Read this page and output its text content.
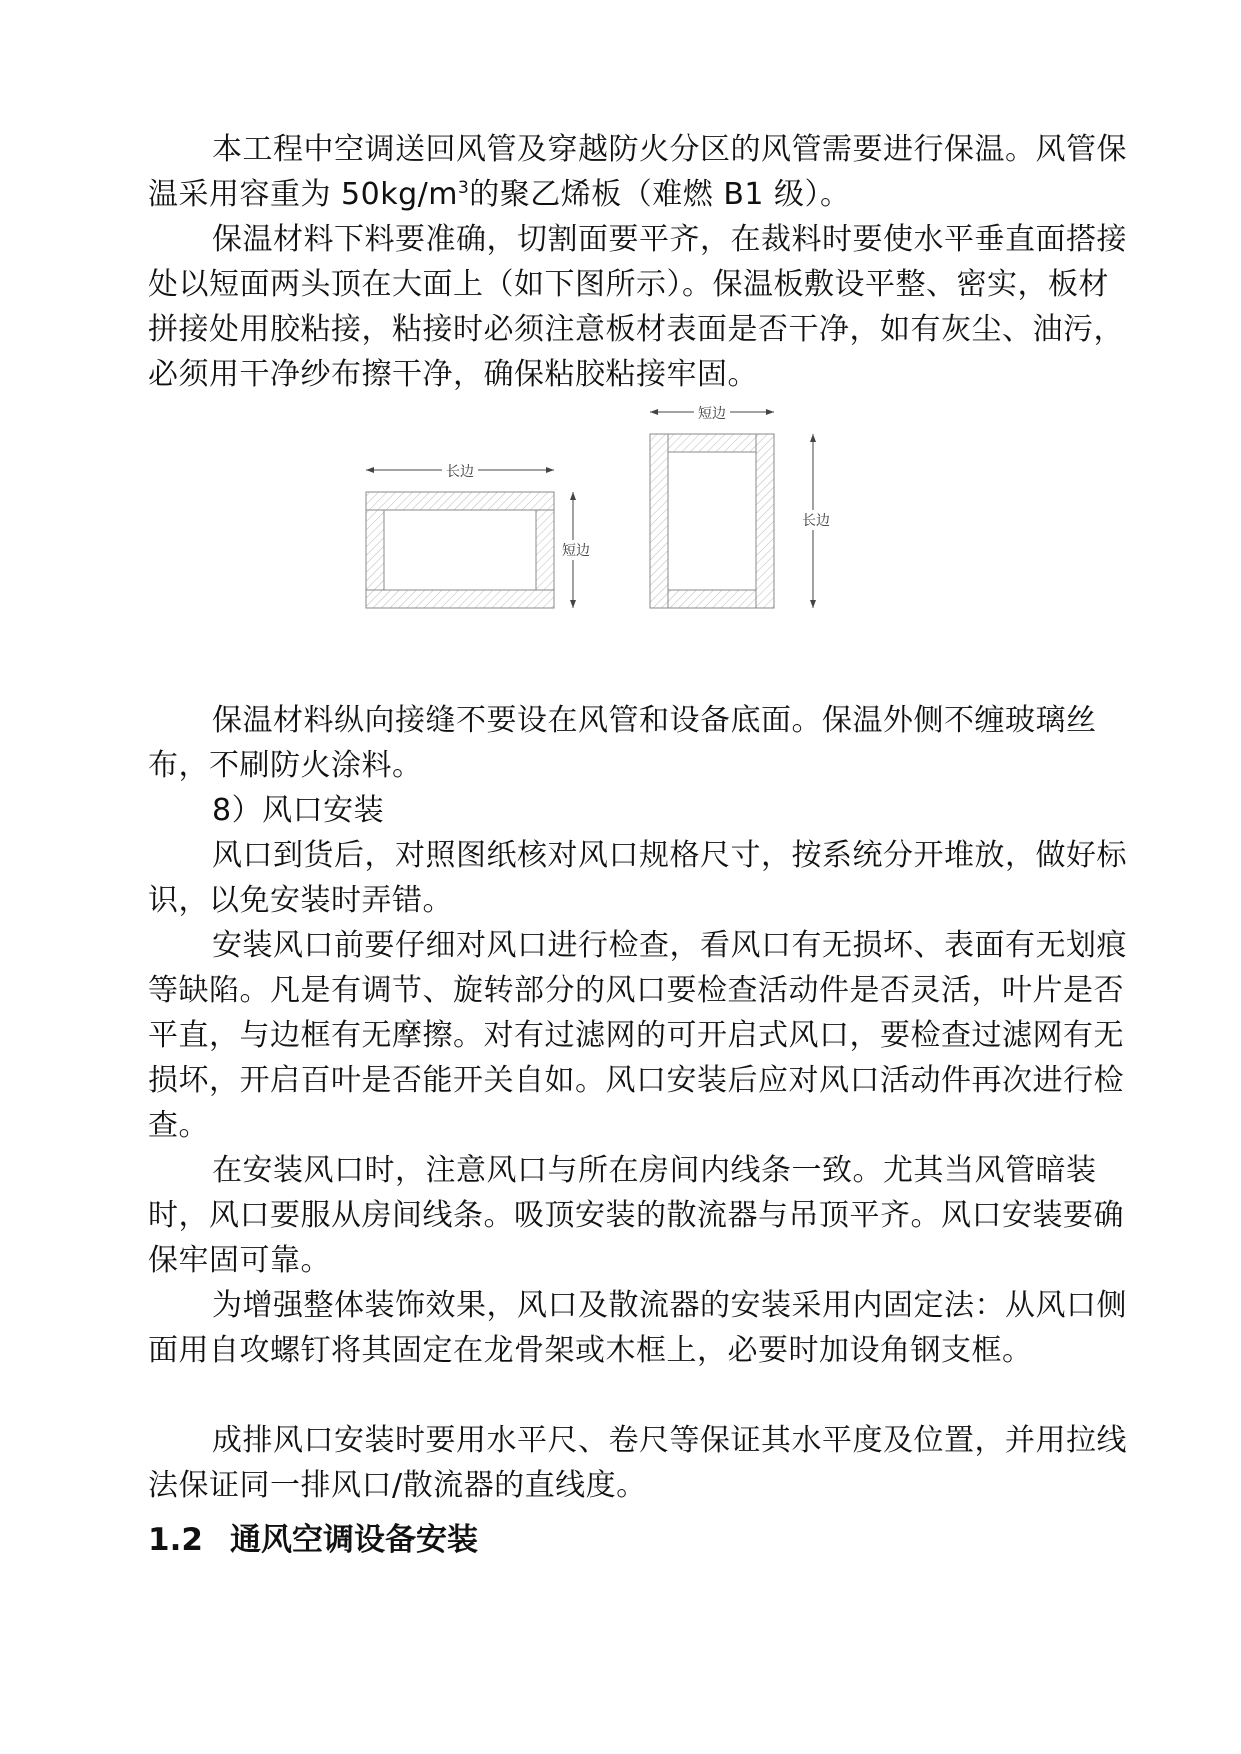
本工程中空调送回风管及穿越防火分区的风管需要进行保温。风管保温采用容重为 $50kg/m^3$的聚乙烯板（难燃 B1 级）。

保温材料下料要准确，切割面要平齐，在裁料时要使水平垂直面搭接处以短面两头顶在大面上（如下图所示）。保温板敷设平整、密实，板材拼接处用胶粘接，粘接时必须注意板材表面是否干净，如有灰尘、油污，必须用干净纱布擦干净，确保粘胶粘接牢固。

长边
短边
短边
长边

保温材料纵向接缝不要设在风管和设备底面。保温外侧不缠玻璃丝布，不刷防火涂料。

8）风口安装

风口到货后，对照图纸核对风口规格尺寸，按系统分开堆放，做好标识，以免安装时弄错。

安装风口前要仔细对风口进行检查，看风口有无损坏、表面有无划痕等缺陷。凡是有调节、旋转部分的风口要检查活动件是否灵活，叶片是否平直，与边框有无摩擦。对有过滤网的可开启式风口，要检查过滤网有无损坏，开启百叶是否能开关自如。风口安装后应对风口活动件再次进行检查。

在安装风口时，注意风口与所在房间内线条一致。尤其当风管暗装时，风口要服从房间线条。吸顶安装的散流器与吊顶平齐。风口安装要确保牢固可靠。

为增强整体装饰效果，风口及散流器的安装采用内固定法：从风口侧面用自攻螺钉将其固定在龙骨架或木框上，必要时加设角钢支框。

成排风口安装时要用水平尺、卷尺等保证其水平度及位置，并用拉线法保证同一排风口/散流器的直线度。

1.2 通风空调设备安装
